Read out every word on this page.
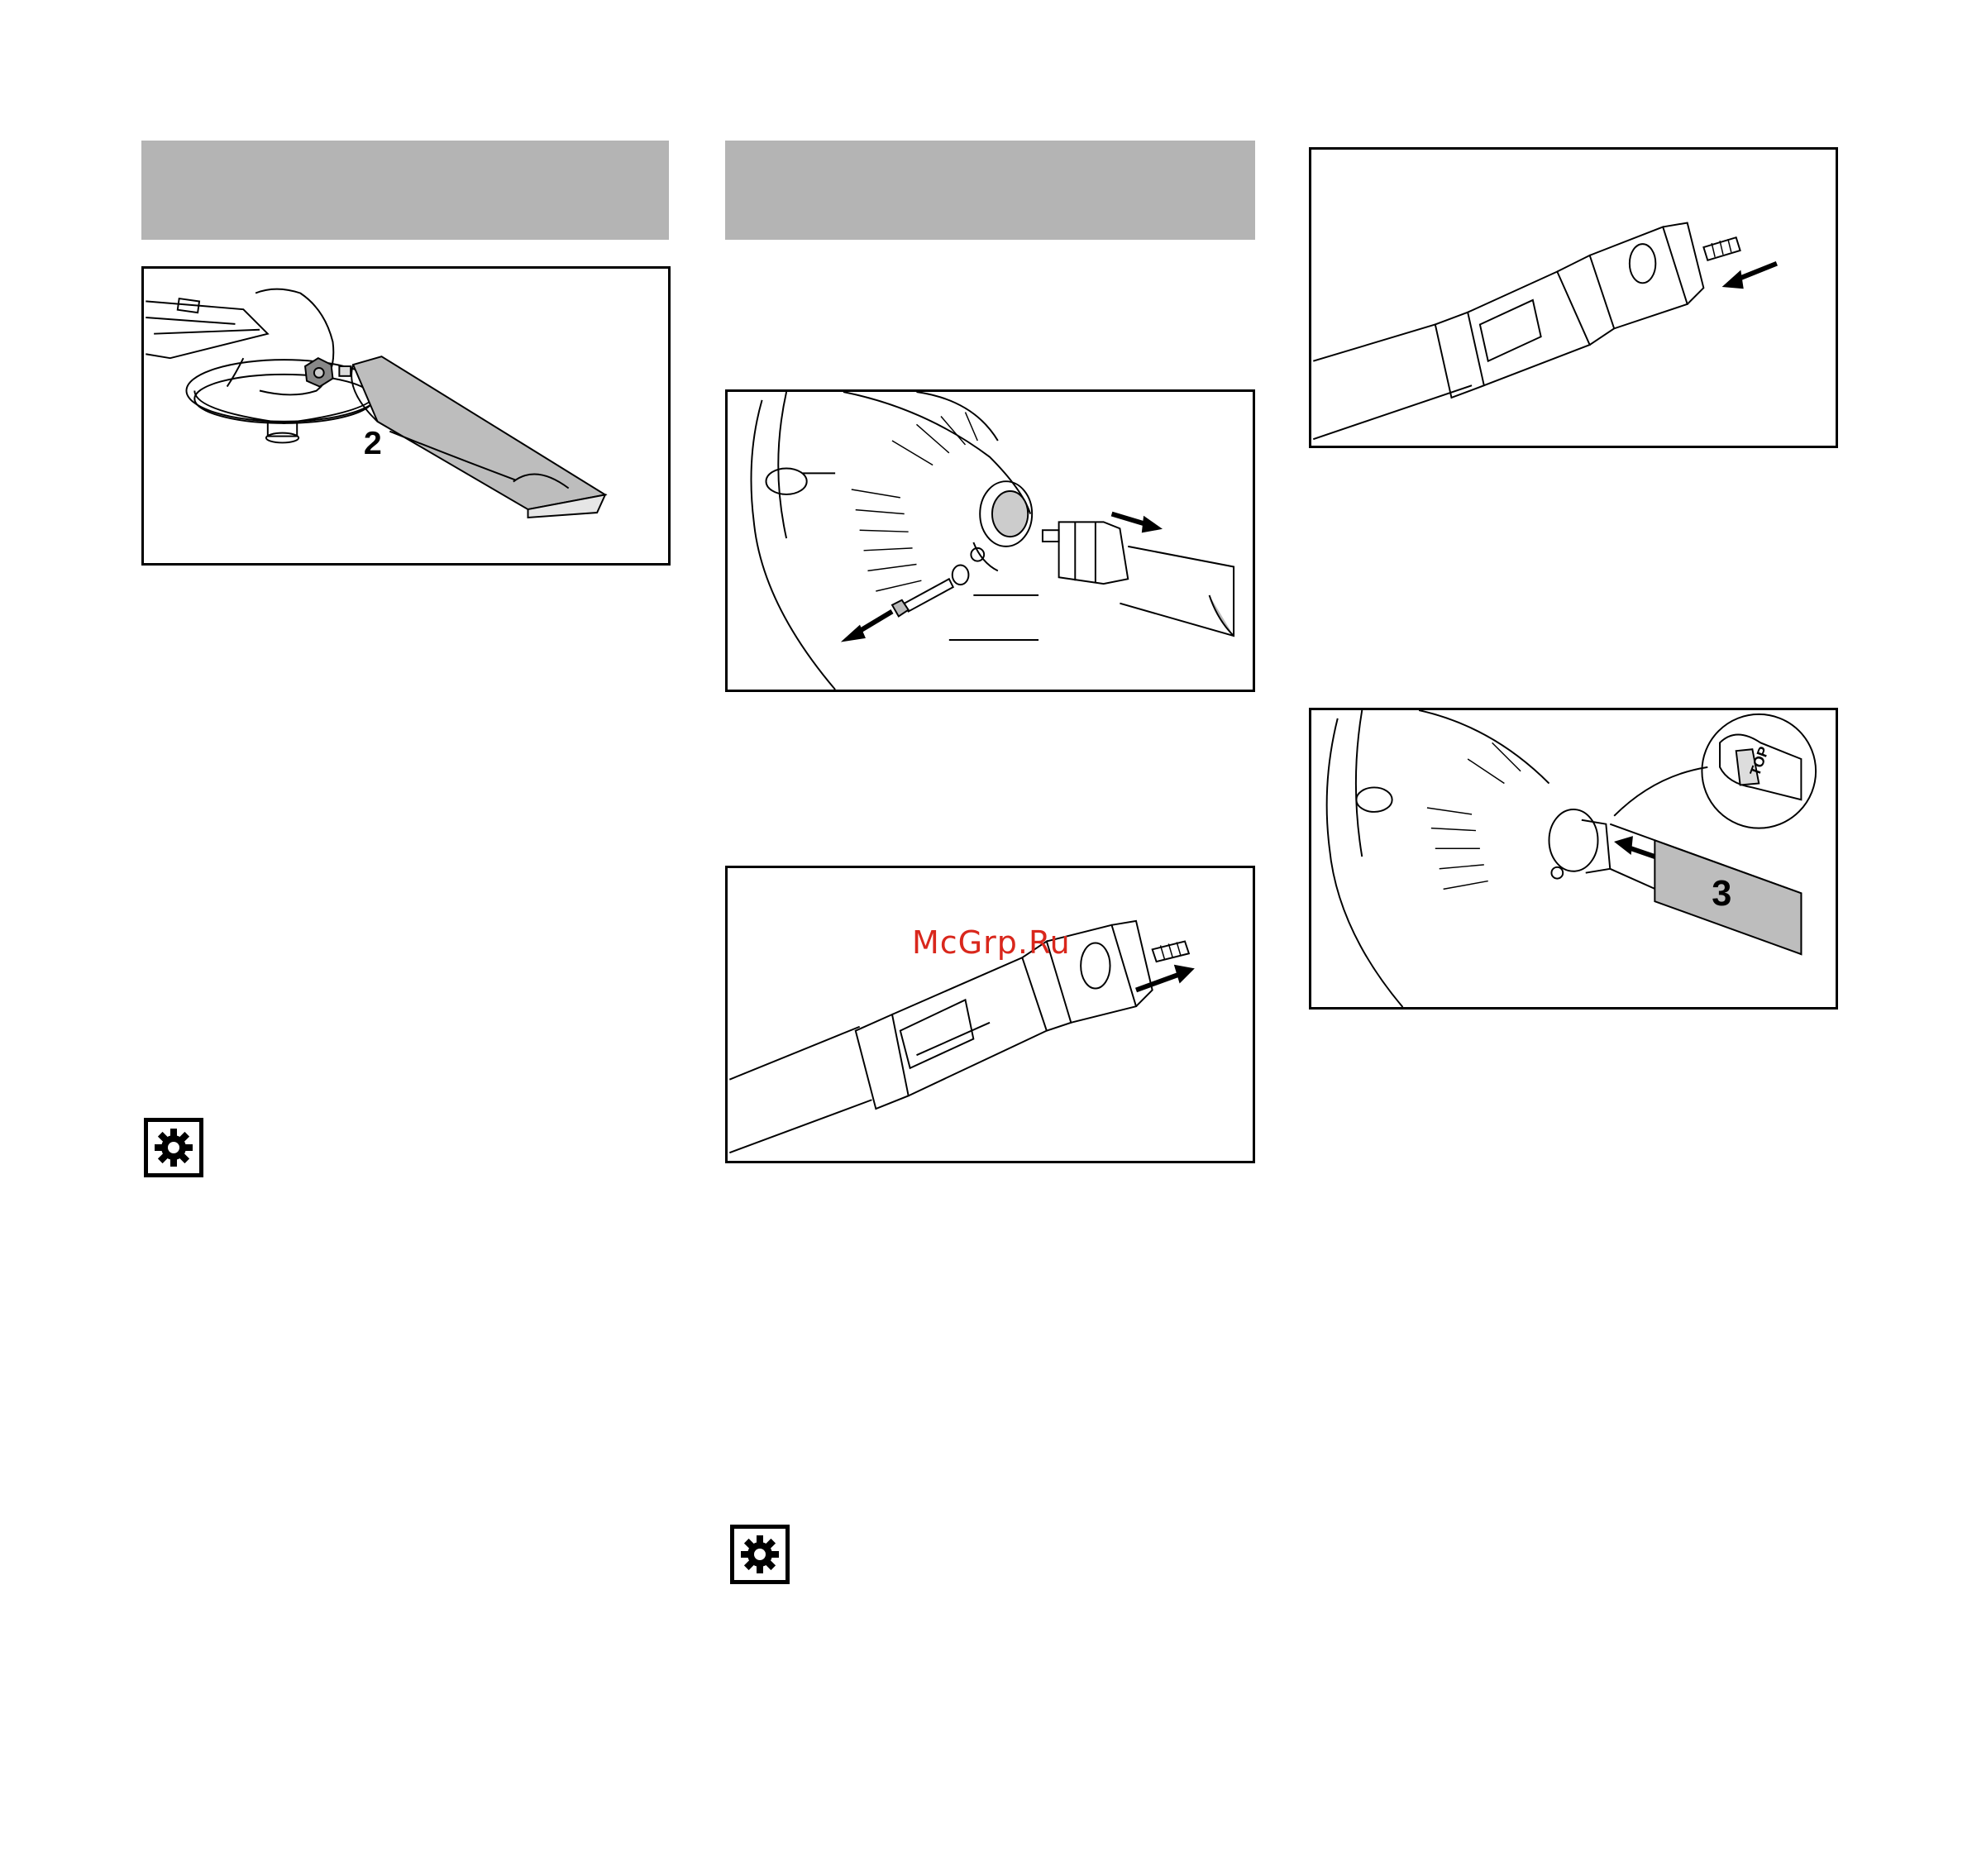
2
TOP
3
McGrp.Ru
